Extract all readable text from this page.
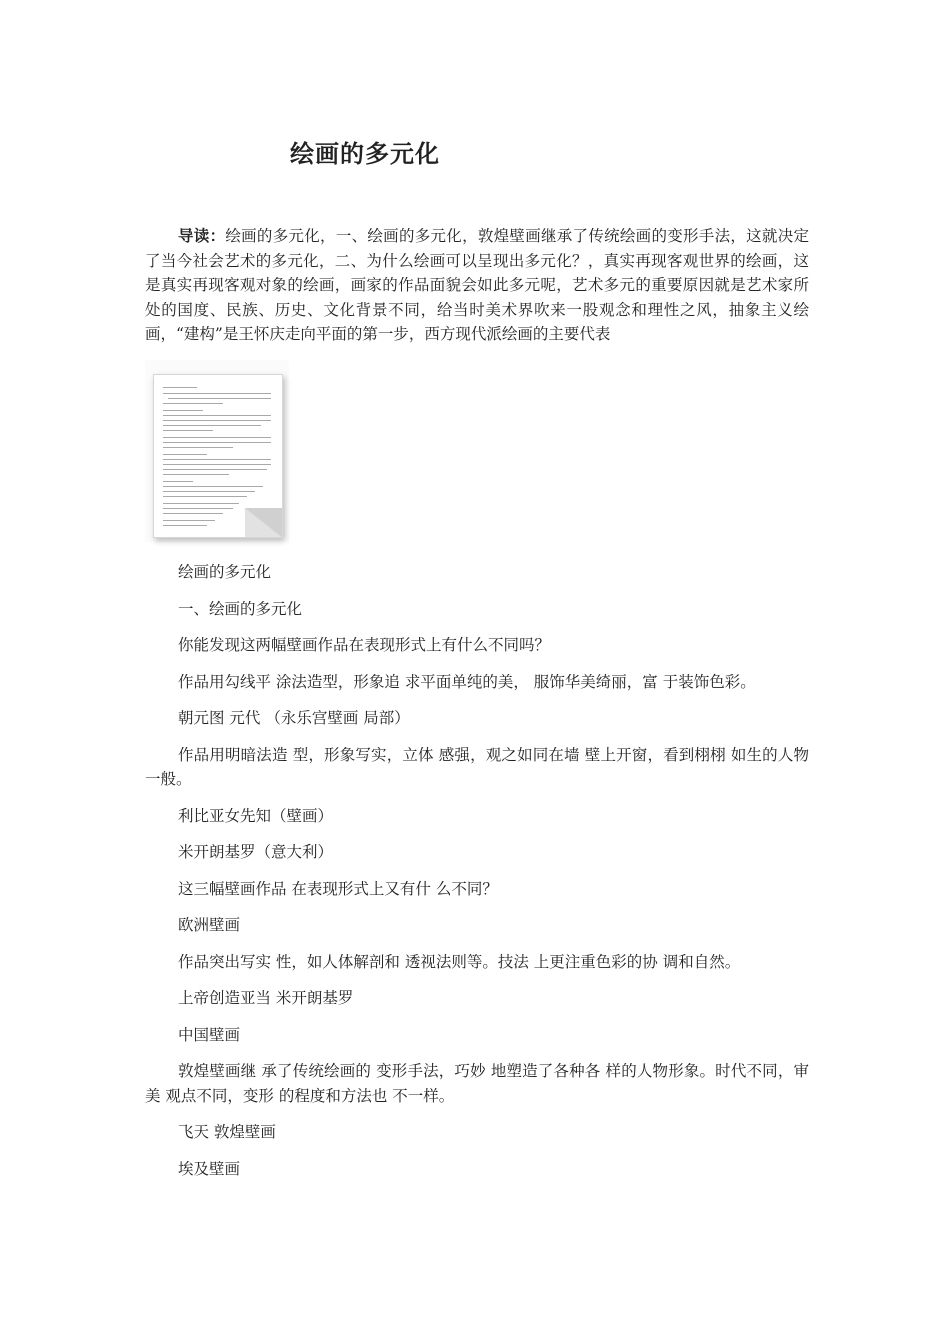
绘画的多元化
导读：绘画的多元化，一、绘画的多元化，敦煌壁画继承了传统绘画的变形手法，这就决定了当今社会艺术的多元化，二、为什么绘画可以呈现出多元化？，真实再现客观世界的绘画，这是真实再现客观对象的绘画，画家的作品面貌会如此多元呢，艺术多元的重要原因就是艺术家所处的国度、民族、历史、文化背景不同，给当时美术界吹来一股观念和理性之风，抽象主义绘画，“建构”是王怀庆走向平面的第一步，西方现代派绘画的主要代表

绘画的多元化

一、绘画的多元化

你能发现这两幅壁画作品在表现形式上有什么不同吗？

作品用勾线平 涂法造型，形象追 求平面单纯的美， 服饰华美绮丽，富 于装饰色彩。

朝元图 元代 （永乐宫壁画 局部）

作品用明暗法造 型，形象写实，立体 感强，观之如同在墙 壁上开窗，看到栩栩 如生的人物一般。

利比亚女先知（壁画）

米开朗基罗（意大利）

这三幅壁画作品 在表现形式上又有什 么不同？

欧洲壁画

作品突出写实 性，如人体解剖和 透视法则等。技法 上更注重色彩的协 调和自然。

上帝创造亚当 米开朗基罗

中国壁画

敦煌壁画继 承了传统绘画的 变形手法，巧妙 地塑造了各种各 样的人物形象。时代不同，审美 观点不同，变形 的程度和方法也 不一样。

飞天 敦煌壁画

埃及壁画
